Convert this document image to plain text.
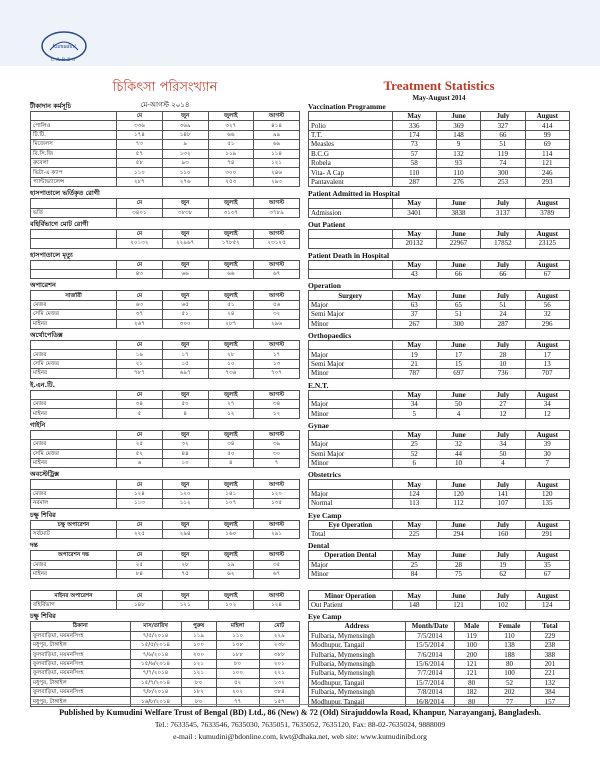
Kumudini
CARES
চিকিৎসা পরিসংখ্যান
মে-আগস্ট ২০১৪
টীকাদান কর্মসূচি
	মে	জুন	জুলাই	আগস্ট
পোলিও	৩৩৬	৩৬৯	৩২৭	৪১৪
টি.টি.	১৭৪	১৪৮	৬৬	৯৯
মিজেলস	৭৩	৯	৫১	৬৯
বি.সি.জি	৫৭	১৩২	১১৯	১১৪
রুবেলা	৫৮	৯৩	৭৪	১২১
ভিটা-এ ক্যাপ	১১০	১১০	৩০০	২৪৬
প্যান্টাভ্যালেন্স	২৮৭	২৭৬	২৫৩	২৯৩
হাসপাতালে ভর্তিকৃত রোগী
	মে	জুন	জুলাই	আগস্ট
ভর্তি	৩৪০১	৩৮৩৮	৩১৩৭	৩৭৮৯
বহির্বিভাগে মোট রোগী
	মে	জুন	জুলাই	আগস্ট
	২০১৩২	২২৯৬৭	১৭৮৫২	২৩১২৫
হাসপাতালে মৃত্যু
	মে	জুন	জুলাই	আগস্ট
	৪৩	৬৬	৬৬	৬৭
অপারেশন
সার্জারী	মে	জুন	জুলাই	আগস্ট
মেজর	৬৩	৬৫	৫১	৫৬
সেমি মেজর	৩৭	৫১	২৪	৩২
মাইনর	২৬৭	৩০০	২৮৭	২৯৬
অর্থোপেডিক্স
	মে	জুন	জুলাই	আগস্ট
মেজর	১৯	১৭	২৮	১৭
সেমি মেজর	২১	১৫	১০	১৩
মাইনর	৭৮৭	৬৯৭	৭৩৬	৭০৭
ই.এন.টি.
	মে	জুন	জুলাই	আগস্ট
মেজর	৩৪	৫০	২৭	৩৪
মাইনর	৫	৪	১২	১২
গাইনি
	মে	জুন	জুলাই	আগস্ট
মেজর	২৫	৩২	৩৪	৩৯
সেমি মেজর	৫২	৪৪	৫০	৩০
মাইনর	৬	১০	৪	৭
অবস্টেট্রিক্স
	মে	জুন	জুলাই	আগস্ট
মেজর	১২৪	১২০	১৪১	১২০
নরমাল	১১৩	১১২	১০৭	১৩৫
চক্ষু শিবির
চক্ষু অপারেশন	মে	জুন	জুলাই	আগস্ট
সর্বমোট	২২৫	২৯৪	১৬০	২৯১
দন্ত
অপারেশন দন্ত	মে	জুন	জুলাই	আগস্ট
মেজর	২৫	২৮	১৯	৩৫
মাইনর	৮৪	৭৫	৬২	৬৭
মাইনর অপারেশন	মে	জুন	জুলাই	আগস্ট
বহির্বিভাগ	১৪৮	১২১	১০২	১২৪
চক্ষু শিবির
ঠিকানা	মাস/তারিখ	পুরুষ	মহিলা	মোট
ফুলবাড়িয়া, ময়মনসিংহ	৭/৫/২০১৪	১১৯	১১০	২২৯
মধুপুর, টাঙ্গাইল	১৫/৫/২০১৪	১০০	১৩৮	২৩৮
ফুলবাড়িয়া, ময়মনসিংহ	৭/৬/২০১৪	২০০	১৮৮	৩৮৮
ফুলবাড়িয়া, ময়মনসিংহ	১৫/৬/২০১৪	১২১	৮০	২০১
ফুলবাড়িয়া, ময়মনসিংহ	৭/৭/২০১৪	১২১	১০০	২২১
মধুপুর, টাঙ্গাইল	১৫/৭/২০১৪	৮০	৫২	১৩২
ফুলবাড়িয়া, ময়মনসিংহ	৭/৮/২০১৪	১৮২	২০২	৩৮৪
মধুপুর, টাঙ্গাইল	১৬/৮/২০১৪	৮০	৭৭	১৫৭
Treatment Statistics
May-August 2014
Vaccination Programme
	May	June	July	August
Polio	336	369	327	414
T.T.	174	148	66	99
Measles	73	9	51	69
B.C.G	57	132	119	114
Robela	58	93	74	121
Vita- A Cap	110	110	300	246
Pantavalent	287	276	253	293
Patient Admitted in Hospital
	May	June	July	August
Admission	3401	3838	3137	3789
Out Patient
	May	June	July	August
	20132	22967	17852	23125
Patient Death in Hospital
	May	June	July	August
	43	66	66	67
Operation
Surgery	May	June	July	August
Major	63	65	51	56
Semi Major	37	51	24	32
Minor	267	300	287	296
Orthopaedics
	May	June	July	August
Major	19	17	28	17
Semi Major	21	15	10	13
Minor	787	697	736	707
E.N.T.
	May	June	July	August
Major	34	50	27	34
Minor	5	4	12	12
Gynae
	May	June	July	August
Major	25	32	34	39
Semi Major	52	44	50	30
Minor	6	10	4	7
Obstetrics
	May	June	July	August
Major	124	120	141	120
Normal	113	112	107	135
Eye Camp
Eye Operation	May	June	July	August
Total	225	294	160	291
Dental
Operation Dental	May	June	July	August
Major	25	28	19	35
Minor	84	75	62	67
Minor Operation	May	June	July	August
Out Patient	148	121	102	124
Eye Camp
Address	Month/Date	Male	Female	Total
Fulbaria, Mymensingh	7/5/2014	119	110	229
Modhupur, Tangail	15/5/2014	100	138	238
Fulbaria, Mymensingh	7/6/2014	200	188	388
Fulbaria, Mymensingh	15/6/2014	121	80	201
Fulbaria, Mymensingh	7/7/2014	121	100	221
Modhupur, Tangail	15/7/2014	80	52	132
Fulbaria, Mymensingh	7/8/2014	182	202	384
Modhupur, Tangail	16/8/2014	80	77	157
Published by Kumudini Welfare Trust of Bengal (BD) Ltd., 86 (New) & 72 (Old) Sirajuddowla Road, Khanpur, Narayanganj, Bangladesh.
Tel.: 7633545, 7633546, 7635030, 7635051, 7635052, 7635120, Fax: 88-02-7635024, 9888009
e-mail : kumudini@bdonline.com, kwt@dhaka.net, web site: www.kumudinibd.org
